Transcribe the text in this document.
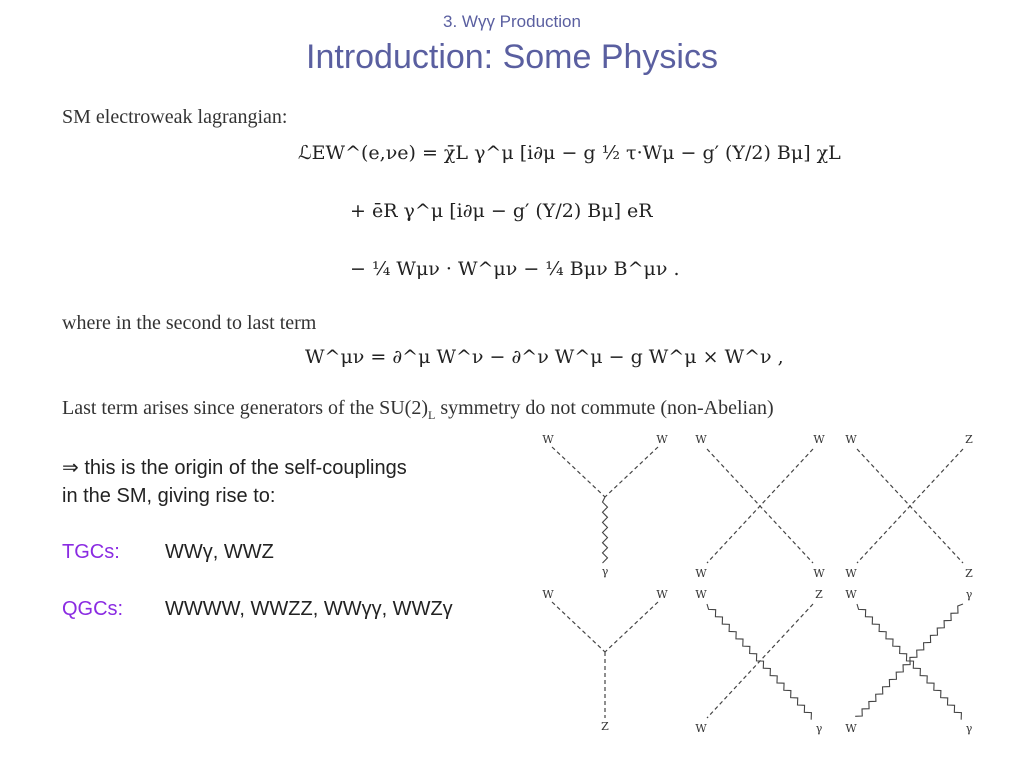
3. Wγγ Production
Introduction: Some Physics
SM electroweak lagrangian:
ℒEW^(e,νe) = χ̄L γ^μ [i∂μ − g ½ τ·Wμ − g′ (Y/2) Bμ] χL
+ ēR γ^μ [i∂μ − g′ (Y/2) Bμ] eR
− ¼ Wμν · W^μν − ¼ Bμν B^μν .
where in the second to last term
W^μν = ∂^μ W^ν − ∂^ν W^μ − g W^μ × W^ν ,
Last term arises since generators of the $SU(2)_L$ symmetry do not commute (non-Abelian)
⇒ this is the origin of the self-couplings
in the SM, giving rise to:
TGCs: WWγ, WWZ
QGCs: WWWW, WWZZ, WWγγ, WWZγ
W	W
γ
W	W
W	W
W	Z
W	Z
W	W
Z
W	Z
W	γ
W	γ
W	γ
